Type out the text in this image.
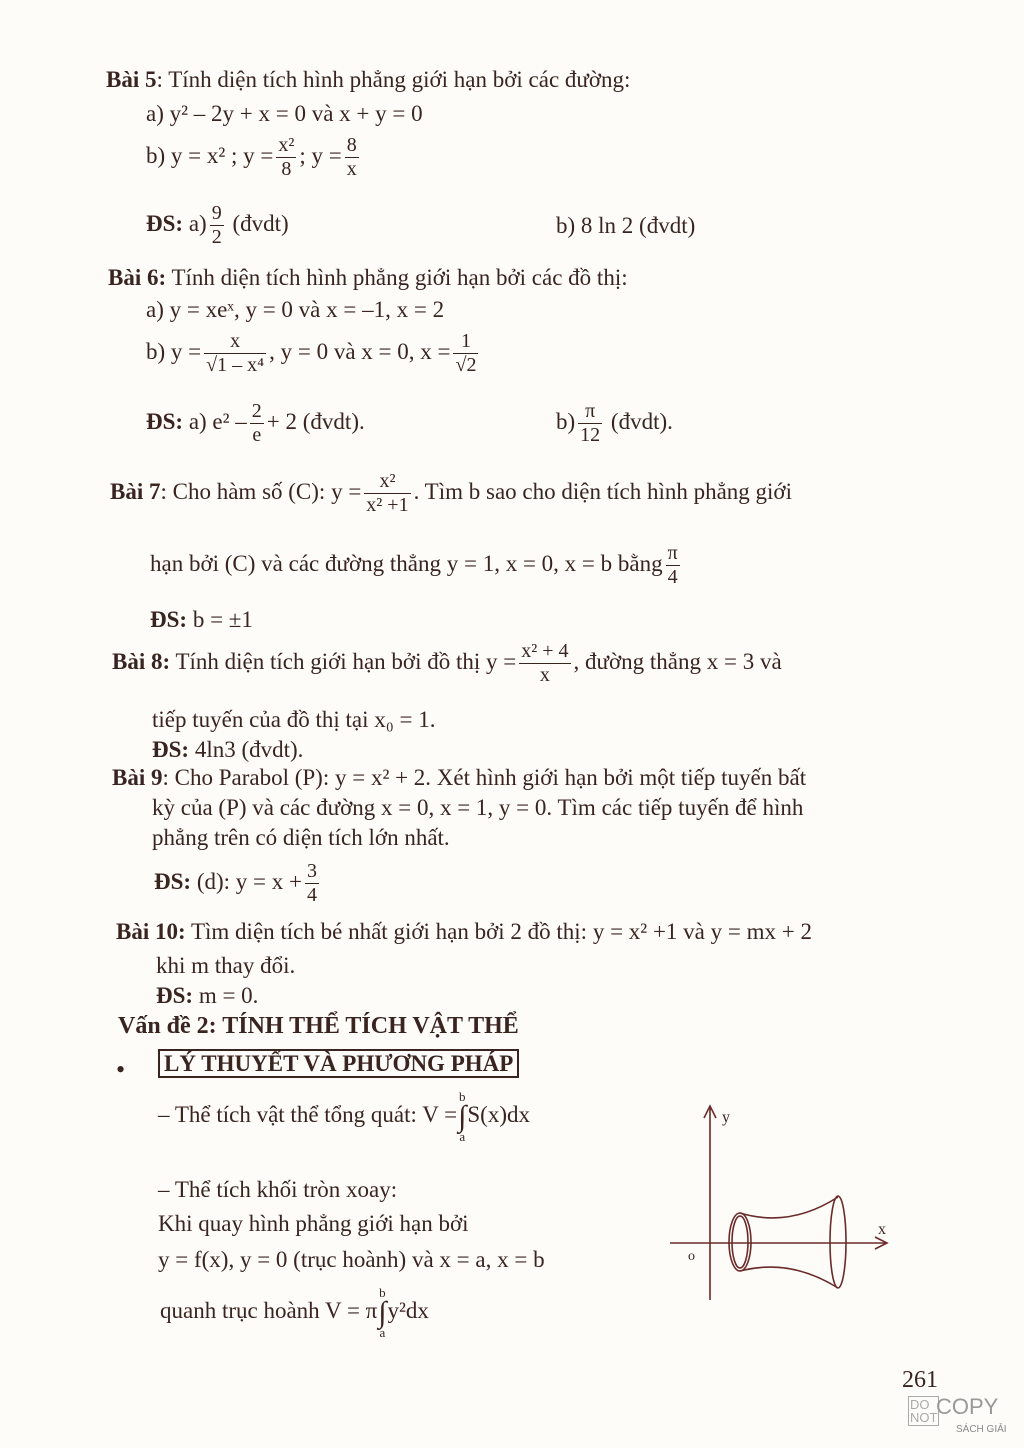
Bài 5: Tính diện tích hình phẳng giới hạn bởi các đường:
a) y² – 2y + x = 0 và x + y = 0
b) y = x² ; $y = \frac{\text{x²}}{8}$ ; $y = \frac{8}{x}$
ĐS: $a) \frac{9}{2}$ (đvdt)	b) 8 ln 2 (đvdt)
Bài 6: Tính diện tích hình phẳng giới hạn bởi các đồ thị:
a) y = xeˣ, y = 0 và x = –1, x = 2
b) $y = \frac{x}{\text{√1 – x⁴}}$ , y = 0 và x = 0, $x = \frac{1}{√2}$
ĐS: a) $e^2 - \frac{2}{e} + 2$ (đvdt).	$b) \frac{\pi}{12}$ (đvdt).
Bài 7: Cho hàm số (C): $y = \frac{\text{x²}}{\text{x² +1}}$ . Tìm b sao cho diện tích hình phẳng giới
hạn bởi (C) và các đường thẳng y = 1, x = 0, x = b bằng $\frac{\pi}{4}$
ĐS: b = ±1
Bài 8: Tính diện tích giới hạn bởi đồ thị $y = \frac{\text{x² + 4}}{x}$ , đường thẳng x = 3 và
tiếp tuyến của đồ thị tại x₀ = 1.
ĐS: 4ln3 (đvdt).
Bài 9: Cho Parabol (P): y = x² + 2. Xét hình giới hạn bởi một tiếp tuyến bất
kỳ của (P) và các đường x = 0, x = 1, y = 0. Tìm các tiếp tuyến để hình
phẳng trên có diện tích lớn nhất.
ĐS: (d): $y = x + \frac{3}{4}$
Bài 10: Tìm diện tích bé nhất giới hạn bởi 2 đồ thị: y = x² +1 và y = mx + 2
khi m thay đổi.
ĐS: m = 0.
Vấn đề 2: TÍNH THỂ TÍCH VẬT THỂ
• LÝ THUYẾT VÀ PHƯƠNG PHÁP
– Thể tích vật thể tổng quát: V =b
∫
aS(x)dx
– Thể tích khối tròn xoay:
Khi quay hình phẳng giới hạn bởi
y = f(x), y = 0 (trục hoành) và x = a, x = b
quanh trục hoành V = πb
∫
ay²dx
y
x
o
261
DO
NOT
COPY
SÁCH GIẢI
